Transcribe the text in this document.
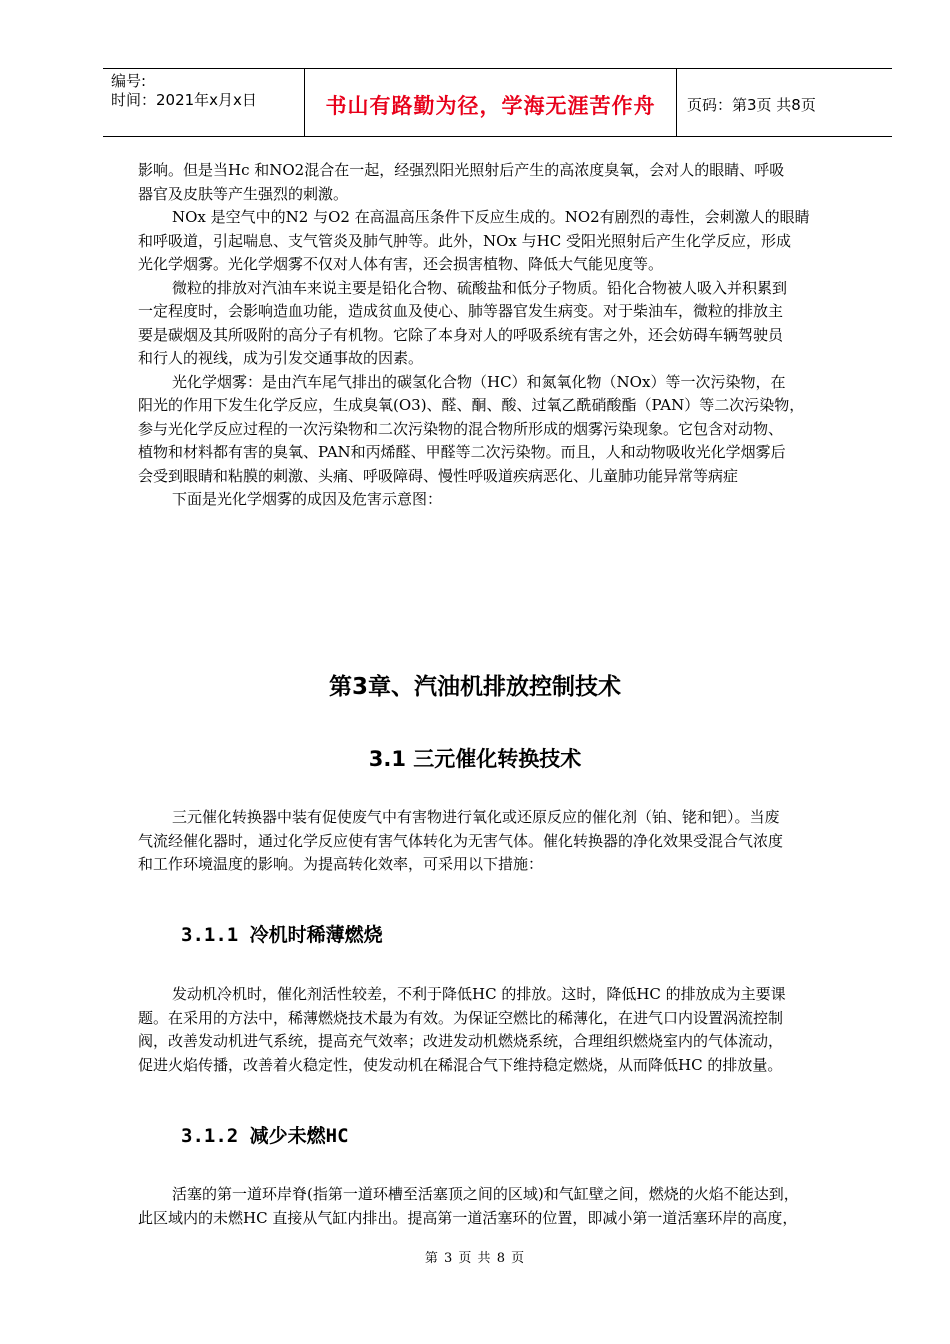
编号:
时间：2021年x月x日	书山有路勤为径，学海无涯苦作舟	页码：第3页 共8页
影响。但是当Hc 和NO2混合在一起，经强烈阳光照射后产生的高浓度臭氧，会对人的眼睛、呼吸
器官及皮肤等产生强烈的刺激。
NOx 是空气中的N2 与O2 在高温高压条件下反应生成的。NO2有剧烈的毒性，会刺激人的眼睛
和呼吸道，引起喘息、支气管炎及肺气肿等。此外，NOx 与HC 受阳光照射后产生化学反应，形成
光化学烟雾。光化学烟雾不仅对人体有害，还会损害植物、降低大气能见度等。
微粒的排放对汽油车来说主要是铅化合物、硫酸盐和低分子物质。铅化合物被人吸入并积累到
一定程度时，会影响造血功能，造成贫血及使心、肺等器官发生病变。对于柴油车，微粒的排放主
要是碳烟及其所吸附的高分子有机物。它除了本身对人的呼吸系统有害之外，还会妨碍车辆驾驶员
和行人的视线，成为引发交通事故的因素。
光化学烟雾：是由汽车尾气排出的碳氢化合物（HC）和氮氧化物（NOx）等一次污染物，在
阳光的作用下发生化学反应，生成臭氧(O3)、醛、酮、酸、过氧乙酰硝酸酯（PAN）等二次污染物，
参与光化学反应过程的一次污染物和二次污染物的混合物所形成的烟雾污染现象。它包含对动物、
植物和材料都有害的臭氧、PAN和丙烯醛、甲醛等二次污染物。而且，人和动物吸收光化学烟雾后
会受到眼睛和粘膜的刺激、头痛、呼吸障碍、慢性呼吸道疾病恶化、儿童肺功能异常等病症
下面是光化学烟雾的成因及危害示意图：
第3章、汽油机排放控制技术
3.1 三元催化转换技术
三元催化转换器中装有促使废气中有害物进行氧化或还原反应的催化剂（铂、铑和钯）。当废
气流经催化器时，通过化学反应使有害气体转化为无害气体。催化转换器的净化效果受混合气浓度
和工作环境温度的影响。为提高转化效率，可采用以下措施：
3.1.1 冷机时稀薄燃烧
发动机冷机时，催化剂活性较差，不利于降低HC 的排放。这时，降低HC 的排放成为主要课
题。在采用的方法中，稀薄燃烧技术最为有效。为保证空燃比的稀薄化，在进气口内设置涡流控制
阀，改善发动机进气系统，提高充气效率；改进发动机燃烧系统，合理组织燃烧室内的气体流动，
促进火焰传播，改善着火稳定性，使发动机在稀混合气下维持稳定燃烧，从而降低HC 的排放量。
3.1.2 减少未燃HC
活塞的第一道环岸脊(指第一道环槽至活塞顶之间的区域)和气缸壁之间，燃烧的火焰不能达到，
此区域内的未燃HC 直接从气缸内排出。提高第一道活塞环的位置，即减小第一道活塞环岸的高度，
第 3 页 共 8 页
